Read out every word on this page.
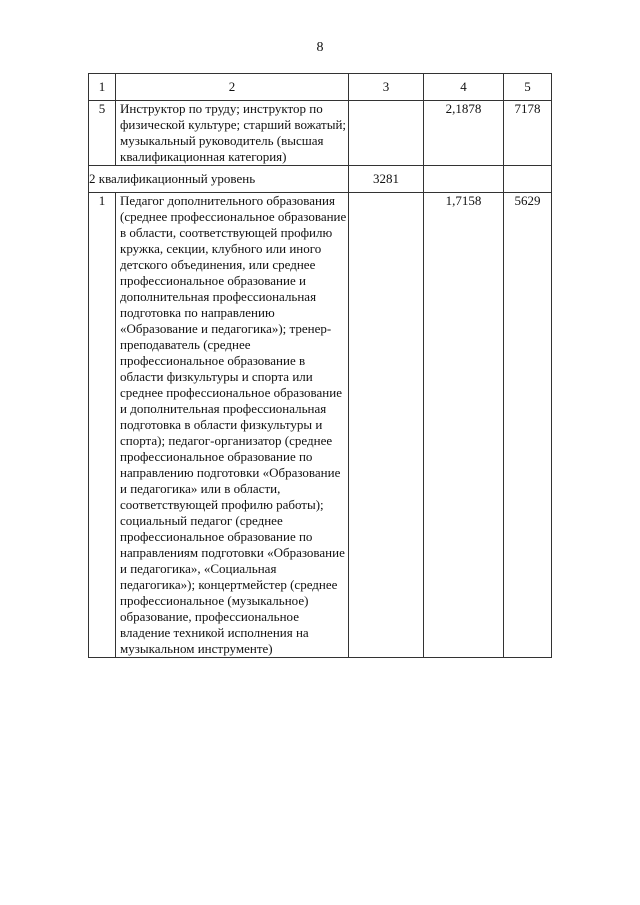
8
1	2	3	4	5
5	Инструктор по труду; инструктор по физической культуре; старший вожатый; музыкальный руководитель (высшая квалификационная категория)		2,1878	7178
2 квалификационный уровень		3281		
1	Педагог дополнительного образования (среднее профессиональное образование в области, соответствующей профилю кружка, секции, клубного или иного детского объединения, или среднее профессиональное образование и дополнительная профессиональная подготовка по направлению «Образование и педагогика»); тренер-преподаватель (среднее профессиональное образование в области физкультуры и спорта или среднее профессиональное образование и дополнительная профессиональная подготовка в области физкультуры и спорта); педагог-организатор (среднее профессиональное образование по направлению подготовки «Образование и педагогика» или в области, соответствующей профилю работы); социальный педагог (среднее профессиональное образование по направлениям подготовки «Образование и педагогика», «Социальная педагогика»); концертмейстер (среднее профессиональное (музыкальное) образование, профессиональное владение техникой исполнения на музыкальном инструменте)		1,7158	5629
